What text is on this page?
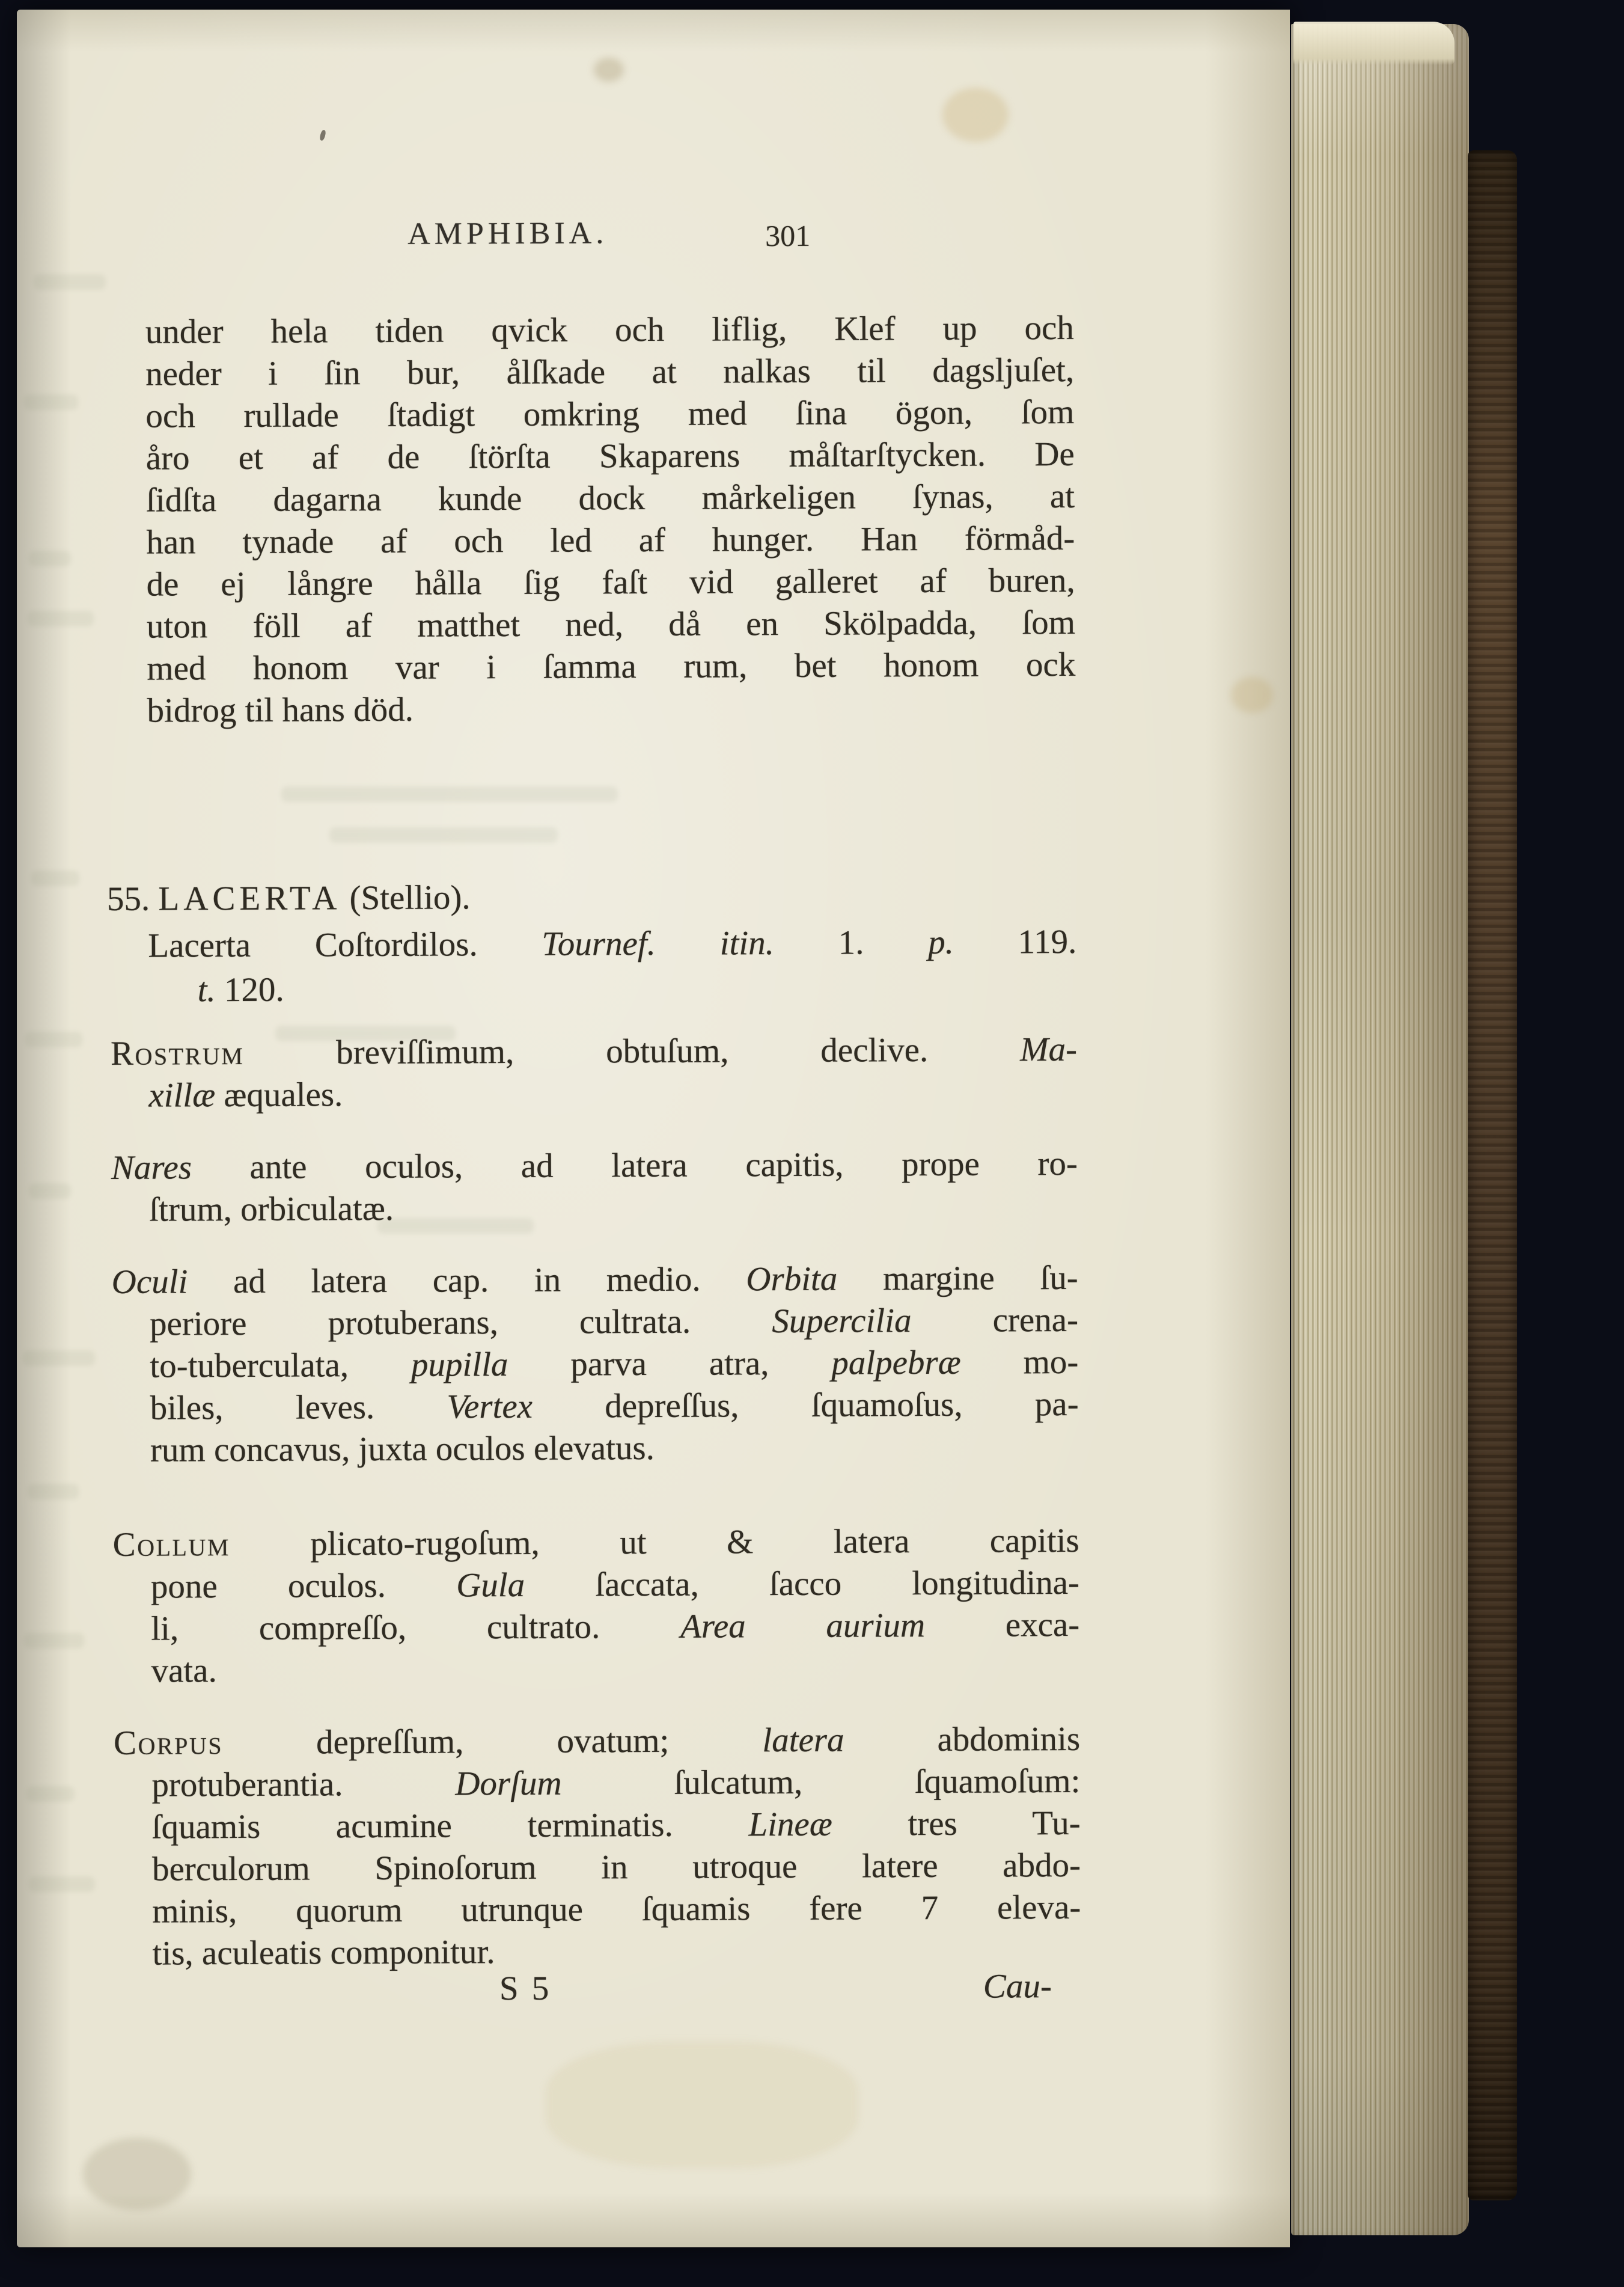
AMPHIBIA.	301
under hela tiden qvick och liflig, Klef up och
neder i ſin bur, ålſkade at nalkas til dagsljuſet,
och rullade ſtadigt omkring med ſina ögon, ſom
åro et af de ſtörſta Skaparens måſtarſtycken. De
ſidſta dagarna kunde dock mårkeligen ſynas, at
han tynade af och led af hunger. Han förmåd-
de ej långre hålla ſig faſt vid galleret af buren,
uton föll af matthet ned, då en Skölpadda, ſom
med honom var i ſamma rum, bet honom ock
bidrog til hans död.
55. LACERTA (Stellio).
Lacerta Coſtordilos. Tournef. itin. 1. p. 119.
t. 120.
Rostrum breviſſimum, obtuſum, declive. Ma-
xillæ æquales.
Nares ante oculos, ad latera capitis, prope ro-
ſtrum, orbiculatæ.
Oculi ad latera cap. in medio. Orbita margine ſu-
periore protuberans, cultrata. Supercilia crena-
to-tuberculata, pupilla parva atra, palpebræ mo-
biles, leves. Vertex depreſſus, ſquamoſus, pa-
rum concavus, juxta oculos elevatus.
Collum plicato-rugoſum, ut & latera capitis
pone oculos. Gula ſaccata, ſacco longitudina-
li, compreſſo, cultrato. Area aurium exca-
vata.
Corpus depreſſum, ovatum; latera abdominis
protuberantia. Dorſum ſulcatum, ſquamoſum:
ſquamis acumine terminatis. Lineæ tres Tu-
berculorum Spinoſorum in utroque latere abdo-
minis, quorum utrunque ſquamis fere 7 eleva-
tis, aculeatis componitur.
S 5	Cau-
